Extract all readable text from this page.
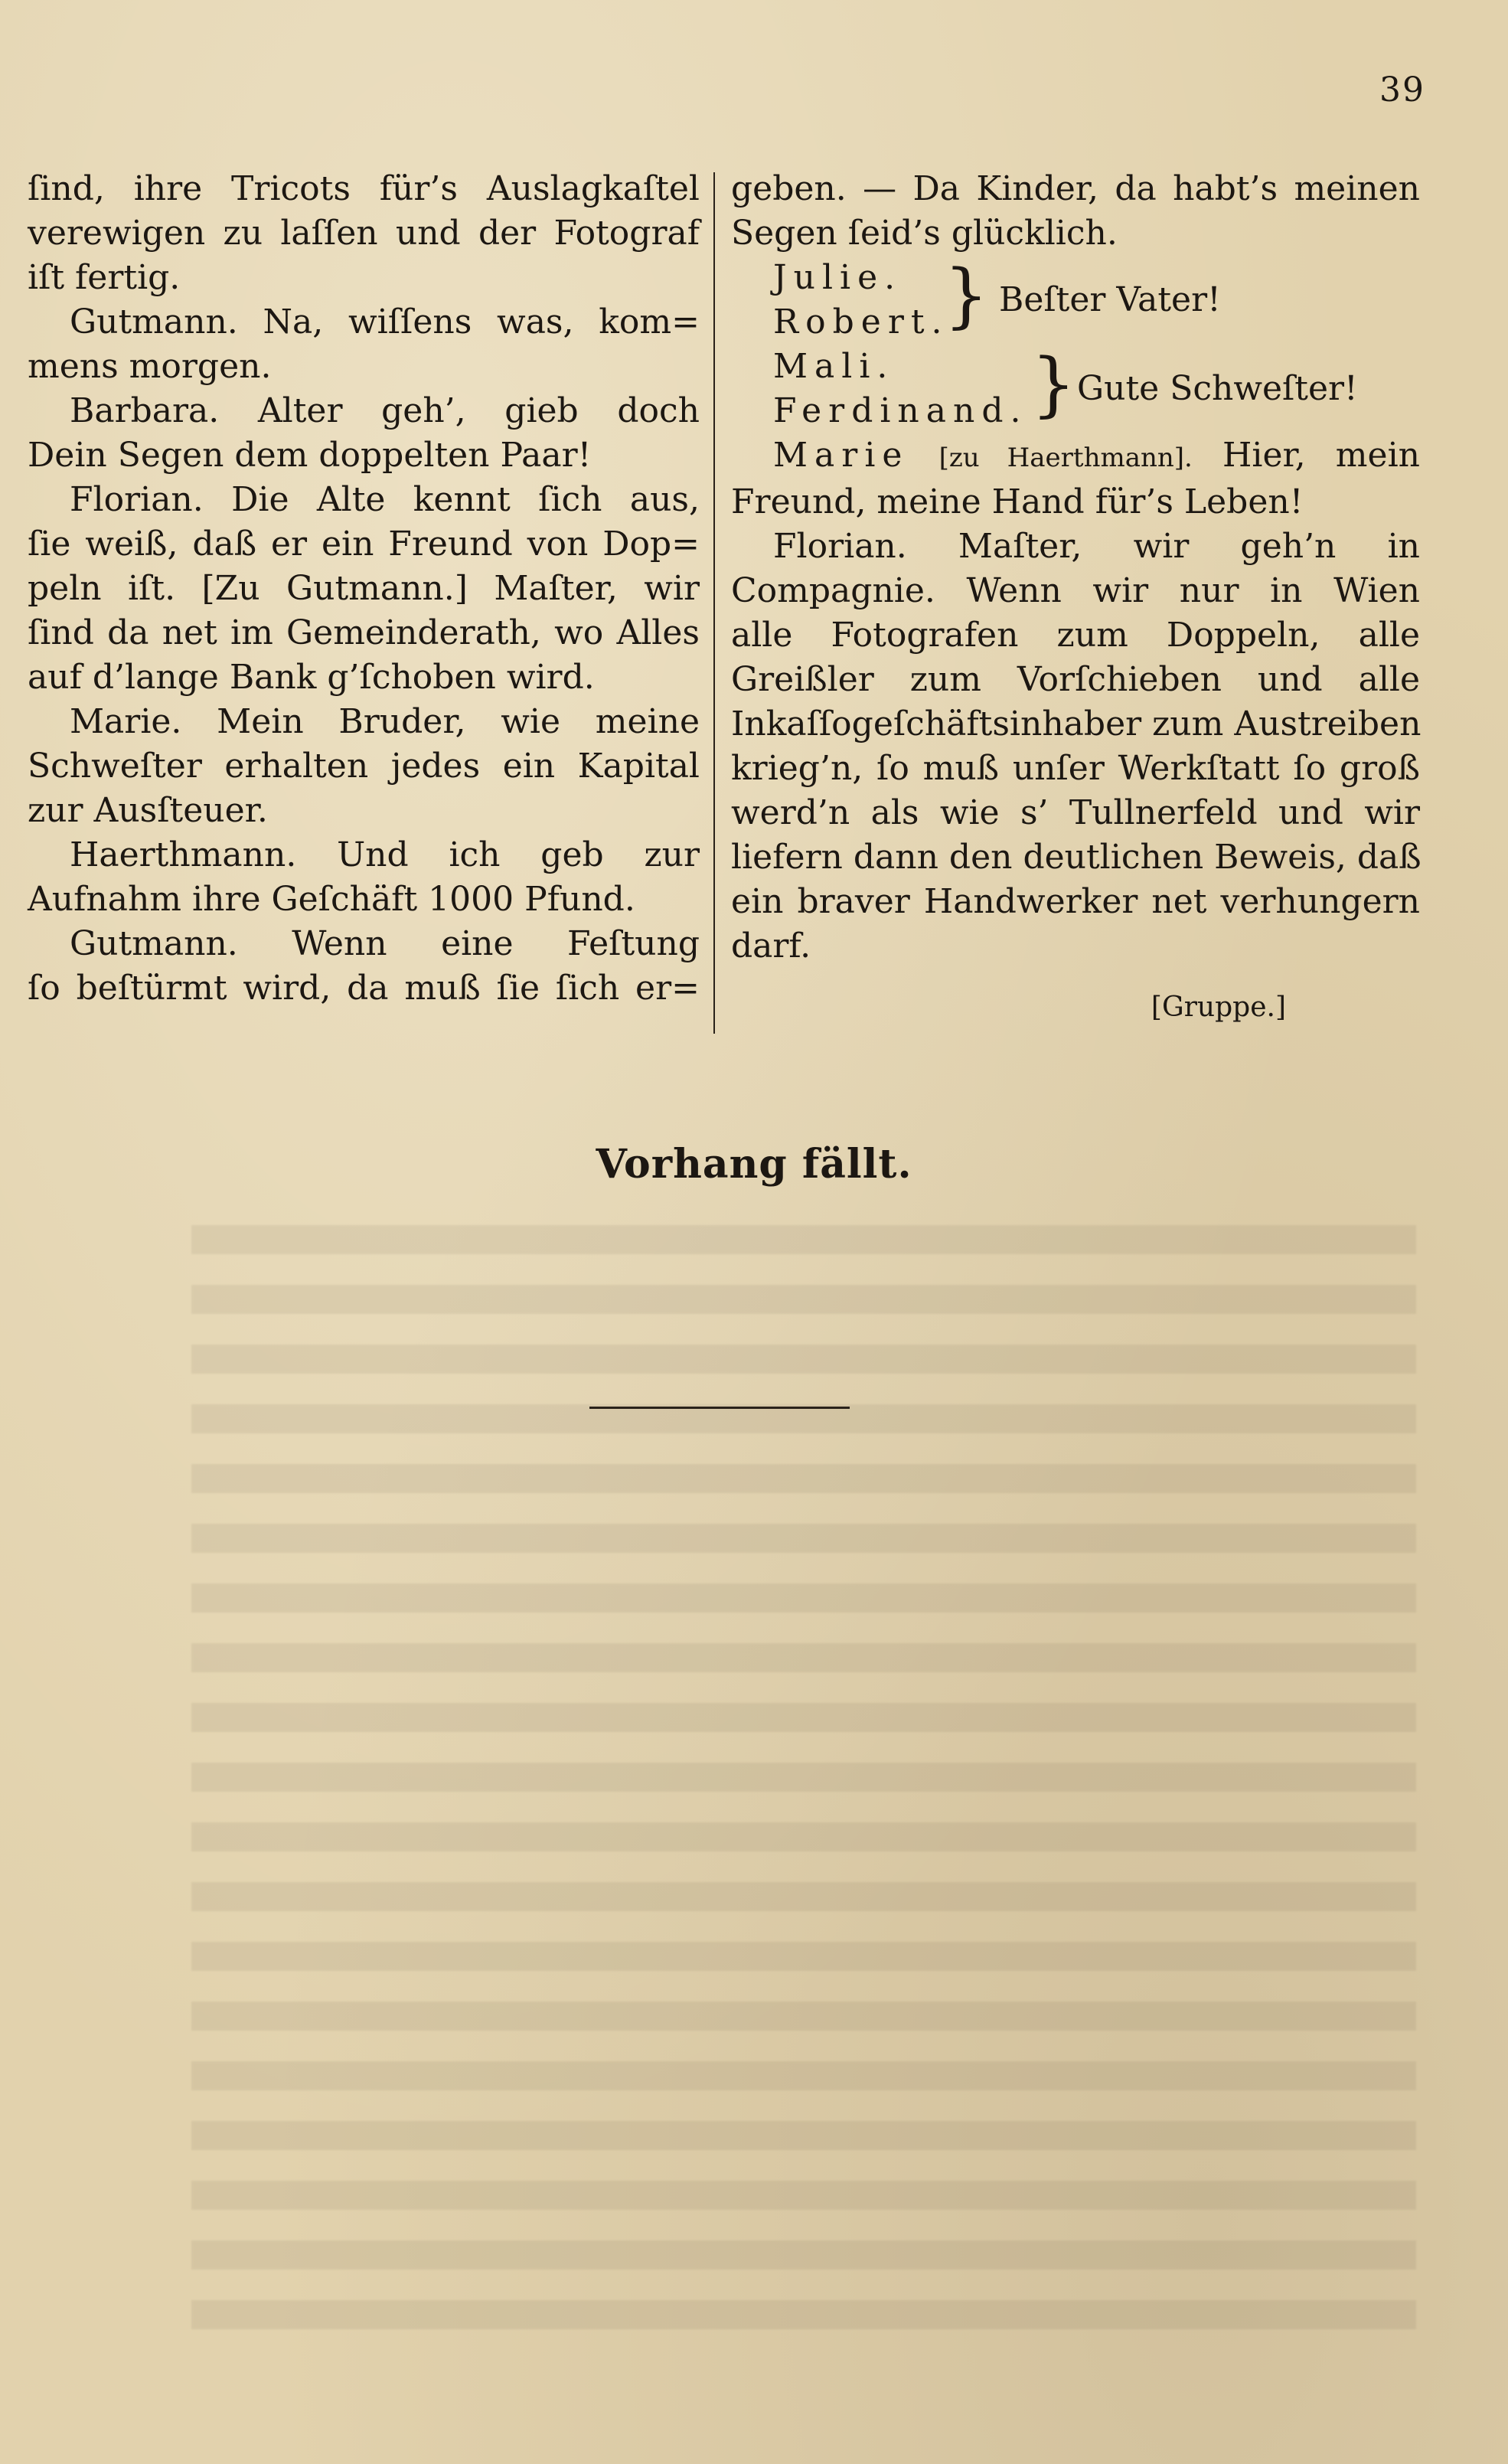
39
ſind, ihre Tricots für’s Auslagkaſtel
verewigen zu laſſen und der Fotograf
iſt fertig.
Gutmann. Na, wiſſens was, kom=
mens morgen.
Barbara. Alter geh’, gieb doch
Dein Segen dem doppelten Paar!
Florian. Die Alte kennt ſich aus,
ſie weiß, daß er ein Freund von Dop=
peln iſt. [Zu Gutmann.] Maſter, wir
ſind da net im Gemeinderath, wo Alles
auf d’lange Bank g’ſchoben wird.
Marie. Mein Bruder, wie meine
Schweſter erhalten jedes ein Kapital
zur Ausſteuer.
Haerthmann. Und ich geb zur
Aufnahm ihre Geſchäft 1000 Pfund.
Gutmann. Wenn eine Feſtung
ſo beſtürmt wird, da muß ſie ſich er=
geben. — Da Kinder, da habt’s meinen
Segen ſeid’s glücklich.
Julie.
Robert.
} Beſter Vater!
Mali.
Ferdinand. } Gute Schweſter!
Marie [zu Haerthmann]. Hier, mein
Freund, meine Hand für’s Leben!
Florian. Maſter, wir geh’n in
Compagnie. Wenn wir nur in Wien
alle Fotografen zum Doppeln, alle
Greißler zum Vorſchieben und alle
Inkaſſogeſchäftsinhaber zum Austreiben
krieg’n, ſo muß unſer Werkſtatt ſo groß
werd’n als wie s’ Tullnerfeld und wir
liefern dann den deutlichen Beweis, daß
ein braver Handwerker net verhungern
darf.
[Gruppe.]
Vorhang fällt.
